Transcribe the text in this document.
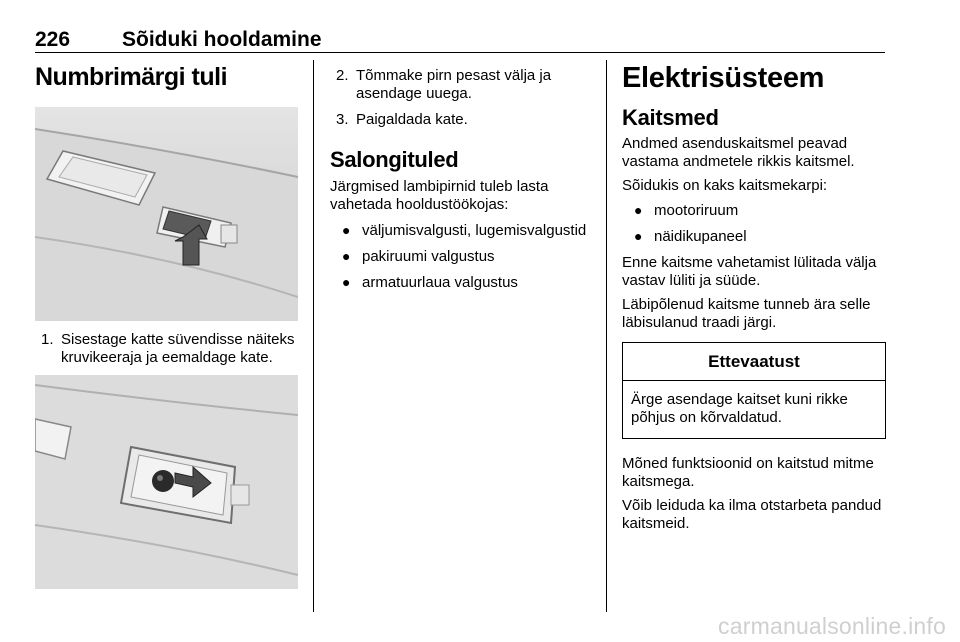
226 Sõiduki hooldamine
Numbrimärgi tuli
1. Sisestage katte süvendisse näiteks kruvikeeraja ja eemaldage kate.
2. Tõmmake pirn pesast välja ja asendage uuega.
3. Paigaldada kate.
Salongituled

Järgmised lambipirnid tuleb lasta vahetada hooldustöökojas:

● väljumisvalgusti, lugemisvalgustid
● pakiruumi valgustus
● armatuurlaua valgustus
Elektrisüsteem
Kaitsmed

Andmed asenduskaitsmel peavad vastama andmetele rikkis kaitsmel.

Sõidukis on kaks kaitsmekarpi:

● mootoriruum
● näidikupaneel

Enne kaitsme vahetamist lülitada välja vastav lüliti ja süüde.

Läbipõlenud kaitsme tunneb ära selle läbisulanud traadi järgi.

Ettevaatust

Ärge asendage kaitset kuni rikke põhjus on kõrvaldatud.

Mõned funktsioonid on kaitstud mitme kaitsmega.

Võib leiduda ka ilma otstarbeta pandud kaitsmeid.

carmanualsonline.info
